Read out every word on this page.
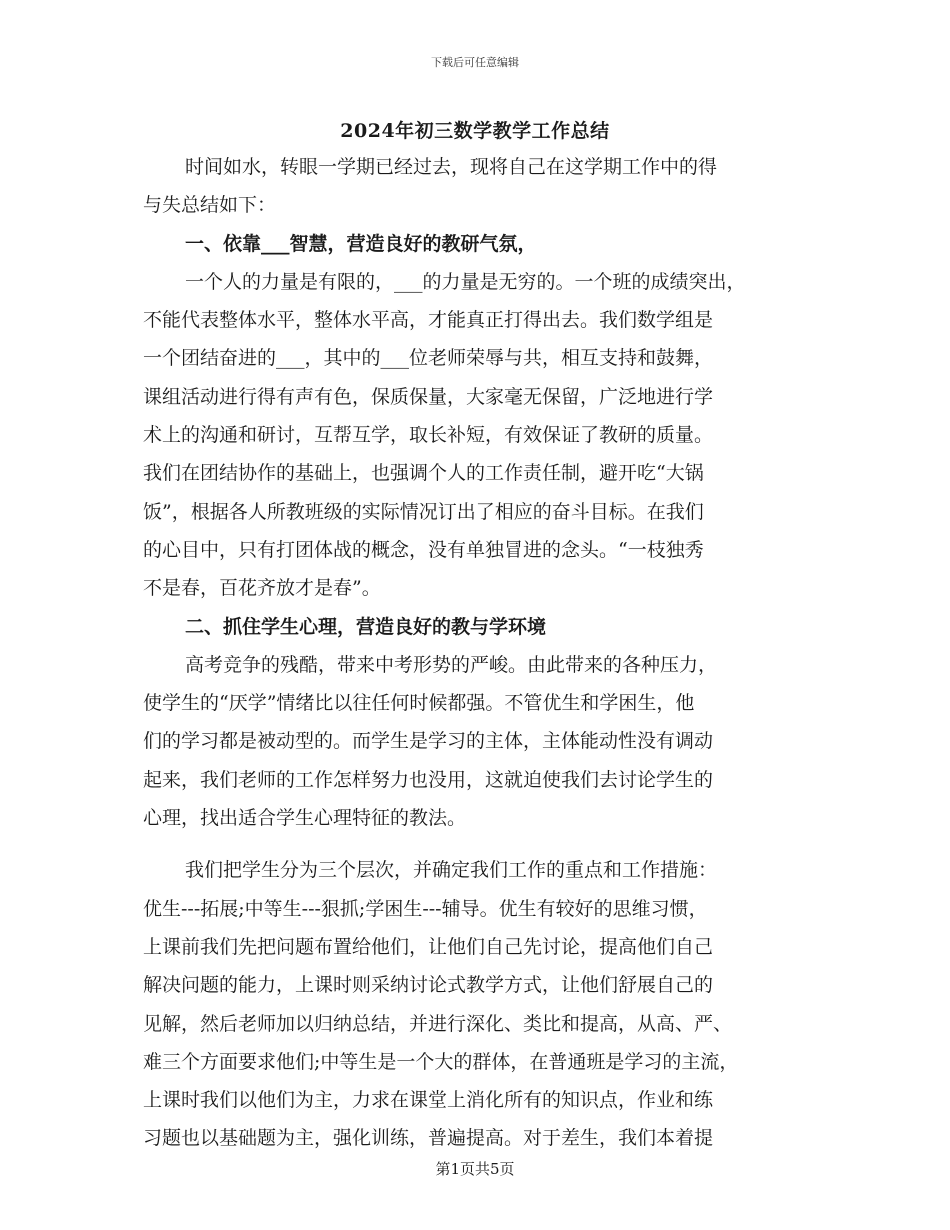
下载后可任意编辑
2024年初三数学教学工作总结
时间如水，转眼一学期已经过去，现将自己在这学期工作中的得
与失总结如下：
一、依靠___智慧，营造良好的教研气氛，
一个人的力量是有限的，___的力量是无穷的。一个班的成绩突出，
不能代表整体水平，整体水平高，才能真正打得出去。我们数学组是
一个团结奋进的___，其中的___位老师荣辱与共，相互支持和鼓舞，
课组活动进行得有声有色，保质保量，大家毫无保留，广泛地进行学
术上的沟通和研讨，互帮互学，取长补短，有效保证了教研的质量。
我们在团结协作的基础上，也强调个人的工作责任制，避开吃“大锅
饭”，根据各人所教班级的实际情况订出了相应的奋斗目标。在我们
的心目中，只有打团体战的概念，没有单独冒进的念头。“一枝独秀
不是春，百花齐放才是春”。
二、抓住学生心理，营造良好的教与学环境
高考竞争的残酷，带来中考形势的严峻。由此带来的各种压力，
使学生的“厌学”情绪比以往任何时候都强。不管优生和学困生，他
们的学习都是被动型的。而学生是学习的主体，主体能动性没有调动
起来，我们老师的工作怎样努力也没用，这就迫使我们去讨论学生的
心理，找出适合学生心理特征的教法。
我们把学生分为三个层次，并确定我们工作的重点和工作措施：
优生---拓展;中等生---狠抓;学困生---辅导。优生有较好的思维习惯，
上课前我们先把问题布置给他们，让他们自己先讨论，提高他们自己
解决问题的能力，上课时则采纳讨论式教学方式，让他们舒展自己的
见解，然后老师加以归纳总结，并进行深化、类比和提高，从高、严、
难三个方面要求他们;中等生是一个大的群体，在普通班是学习的主流，
上课时我们以他们为主，力求在课堂上消化所有的知识点，作业和练
习题也以基础题为主，强化训练，普遍提高。对于差生，我们本着提
第1页共5页
